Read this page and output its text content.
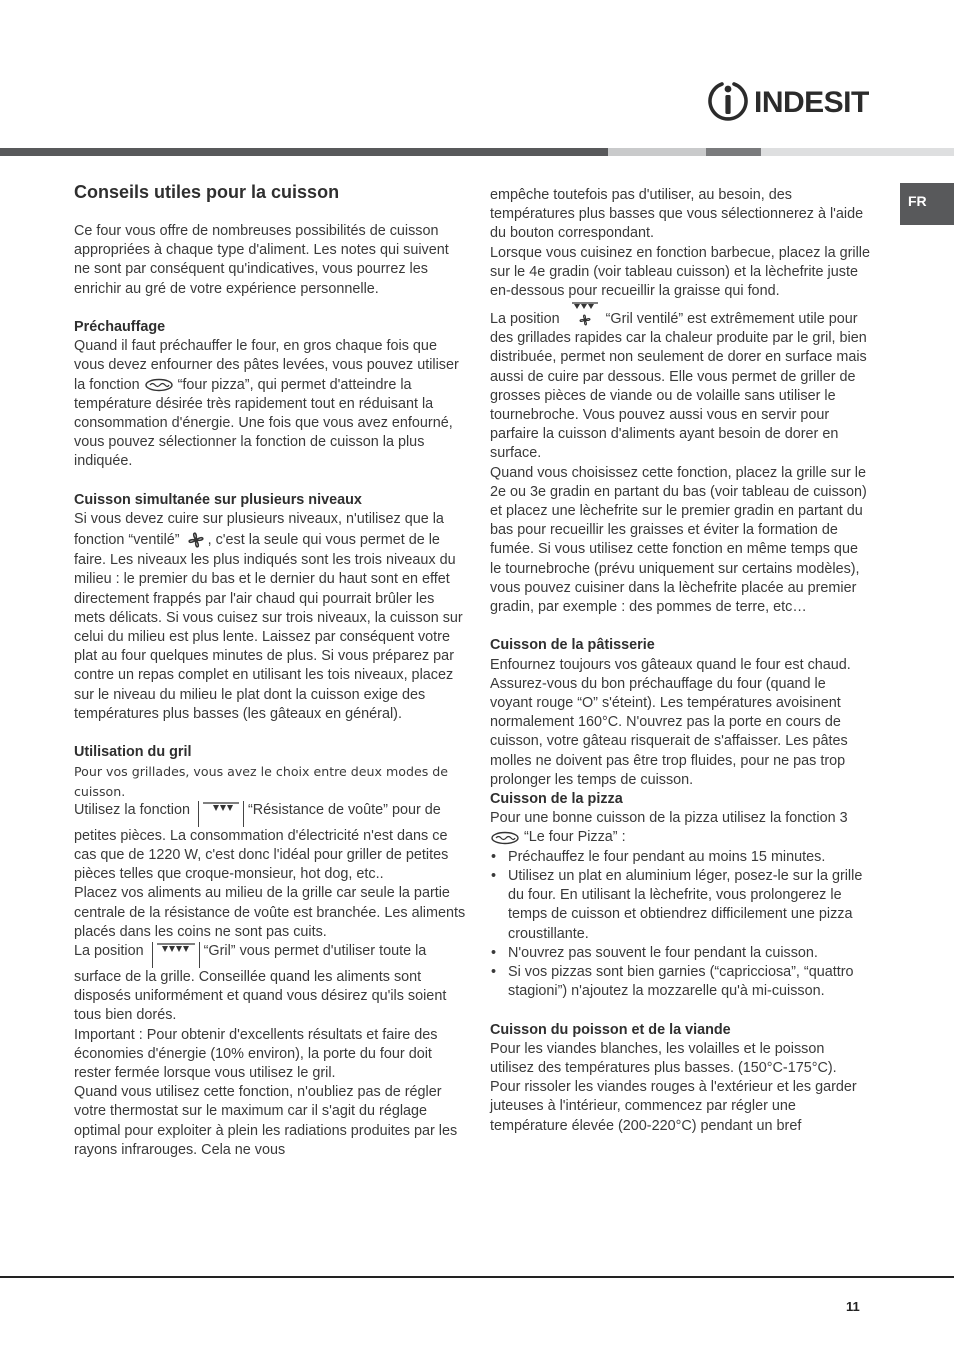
INDESIT
FR
Conseils utiles pour la cuisson

Ce four vous offre de nombreuses possibilités de cuisson appropriées à chaque type d'aliment. Les notes qui suivent ne sont par conséquent qu'indicatives, vous pourrez les enrichir au gré de votre expérience personnelle.

Préchauffage

Quand il faut préchauffer le four, en gros chaque fois que vous devez enfourner des pâtes levées, vous pouvez utiliser la fonction	“four pizza”, qui permet d'atteindre la température désirée très rapidement tout en réduisant la consommation d'énergie. Une fois que vous avez enfourné, vous pouvez sélectionner la fonction de cuisson la plus indiquée.

Cuisson simultanée sur plusieurs niveaux

Si vous devez cuire sur plusieurs niveaux, n'utilisez que la fonction “ventilé” , c'est la seule qui vous permet de le faire. Les niveaux les plus indiqués sont les trois niveaux du milieu : le premier du bas et le dernier du haut sont en effet directement frappés par l'air chaud qui pourrait brûler les mets délicats. Si vous cuisez sur trois niveaux, la cuisson sur celui du milieu est plus lente. Laissez par conséquent votre plat au four quelques minutes de plus. Si vous préparez par contre un repas complet en utilisant les tois niveaux, placez sur le niveau du milieu le plat dont la cuisson exige des températures plus basses (les gâteaux en général).

Utilisation du gril

Pour vos grillades, vous avez le choix entre deux modes de cuisson.

Utilisez la fonction	“Résistance de voûte” pour de petites pièces. La consommation d'électricité n'est dans ce cas que de 1220 W, c'est donc l'idéal pour griller de petites pièces telles que croque-monsieur, hot dog, etc..

Placez vos aliments au milieu de la grille car seule la partie centrale de la résistance de voûte est branchée. Les aliments placés dans les coins ne sont pas cuits.

La position	“Gril” vous permet d'utiliser toute la surface de la grille. Conseillée quand les aliments sont disposés uniformément et quand vous désirez qu'ils soient tous bien dorés.

Important : Pour obtenir d'excellents résultats et faire des économies d'énergie (10% environ), la porte du four doit rester fermée lorsque vous utilisez le gril.

Quand vous utilisez cette fonction, n'oubliez pas de régler votre thermostat sur le maximum car il s'agit du réglage optimal pour exploiter à plein les radiations produites par les rayons infrarouges. Cela ne vous

empêche toutefois pas d'utiliser, au besoin, des températures plus basses que vous sélectionnerez à l'aide du bouton correspondant.

Lorsque vous cuisinez en fonction barbecue, placez la grille sur le 4e gradin (voir tableau cuisson) et la lèchefrite juste en-dessous pour recueillir la graisse qui fond.

La position	“Gril ventilé” est extrêmement utile pour des grillades rapides car la chaleur produite par le gril, bien distribuée, permet non seulement de dorer en surface mais aussi de cuire par dessous. Elle vous permet de griller de grosses pièces de viande ou de volaille sans utiliser le tournebroche. Vous pouvez aussi vous en servir pour parfaire la cuisson d'aliments ayant besoin de dorer en surface.

Quand vous choisissez cette fonction, placez la grille sur le 2e ou 3e gradin en partant du bas (voir tableau de cuisson) et placez une lèchefrite sur le premier gradin en partant du bas pour recueillir les graisses et éviter la formation de fumée. Si vous utilisez cette fonction en même temps que le tournebroche (prévu uniquement sur certains modèles), vous pouvez cuisiner dans la lèchefrite placée au premier gradin, par exemple : des pommes de terre, etc…

Cuisson de la pâtisserie

Enfournez toujours vos gâteaux quand le four est chaud. Assurez-vous du bon préchauffage du four (quand le voyant rouge “O” s'éteint). Les températures avoisinent normalement 160°C. N'ouvrez pas la porte en cours de cuisson, votre gâteau risquerait de s'affaisser. Les pâtes molles ne doivent pas être trop fluides, pour ne pas trop prolonger les temps de cuisson.

Cuisson de la pizza

Pour une bonne cuisson de la pizza utilisez la fonction 3
“Le four Pizza” :

• Préchauffez le four pendant au moins 15 minutes.
• Utilisez un plat en aluminium léger, posez-le sur la grille du four. En utilisant la lèchefrite, vous prolongerez le temps de cuisson et obtiendrez difficilement une pizza croustillante.
• N'ouvrez pas souvent le four pendant la cuisson.
• Si vos pizzas sont bien garnies (“capricciosa”, “quattro stagioni”) n'ajoutez la mozzarelle qu'à mi-cuisson.
Cuisson du poisson et de la viande

Pour les viandes blanches, les volailles et le poisson utilisez des températures plus basses. (150°C-175°C).

Pour rissoler les viandes rouges à l'extérieur et les garder juteuses à l'intérieur, commencez par régler une température élevée (200-220°C) pendant un bref

11
